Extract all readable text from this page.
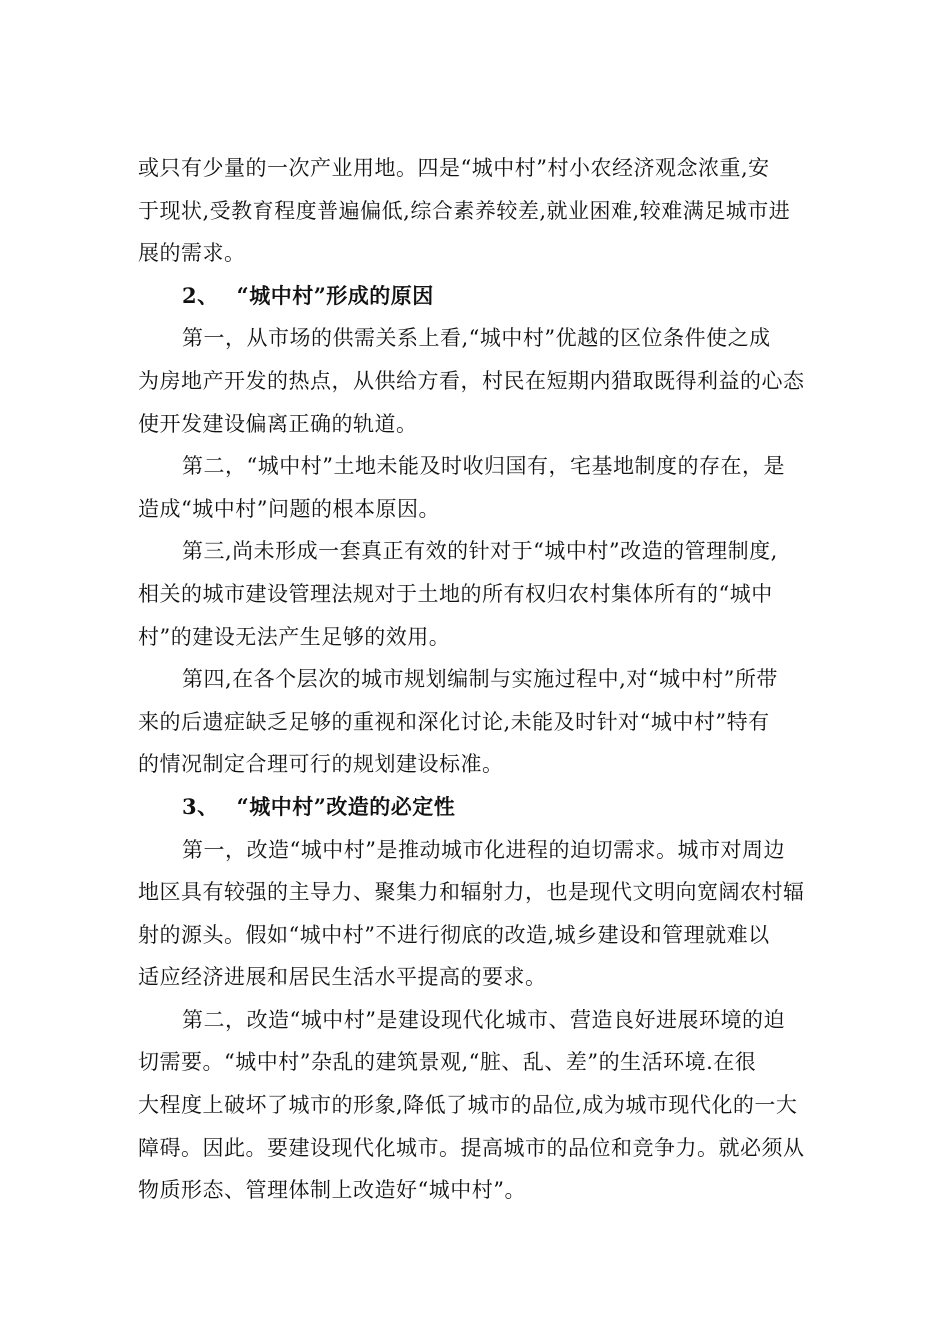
或只有少量的一次产业用地。四是“城中村”村小农经济观念浓重,安
于现状,受教育程度普遍偏低,综合素养较差,就业困难,较难满足城市进
展的需求。

2、 “城中村”形成的原因

第一，从市场的供需关系上看,“城中村”优越的区位条件使之成
为房地产开发的热点，从供给方看，村民在短期内猎取既得利益的心态
使开发建设偏离正确的轨道。

第二，“城中村”土地未能及时收归国有，宅基地制度的存在，是
造成“城中村”问题的根本原因。

第三,尚未形成一套真正有效的针对于“城中村”改造的管理制度,
相关的城市建设管理法规对于土地的所有权归农村集体所有的“城中
村”的建设无法产生足够的效用。

第四,在各个层次的城市规划编制与实施过程中,对“城中村”所带
来的后遗症缺乏足够的重视和深化讨论,未能及时针对“城中村”特有
的情况制定合理可行的规划建设标准。

3、 “城中村”改造的必定性

第一，改造“城中村”是推动城市化进程的迫切需求。城市对周边
地区具有较强的主导力、聚集力和辐射力，也是现代文明向宽阔农村辐
射的源头。假如“城中村”不进行彻底的改造,城乡建设和管理就难以
适应经济进展和居民生活水平提高的要求。

第二，改造“城中村”是建设现代化城市、营造良好进展环境的迫
切需要。“城中村”杂乱的建筑景观,“脏、乱、差”的生活环境.在很
大程度上破坏了城市的形象,降低了城市的品位,成为城市现代化的一大
障碍。因此。要建设现代化城市。提高城市的品位和竞争力。就必须从
物质形态、管理体制上改造好“城中村”。
